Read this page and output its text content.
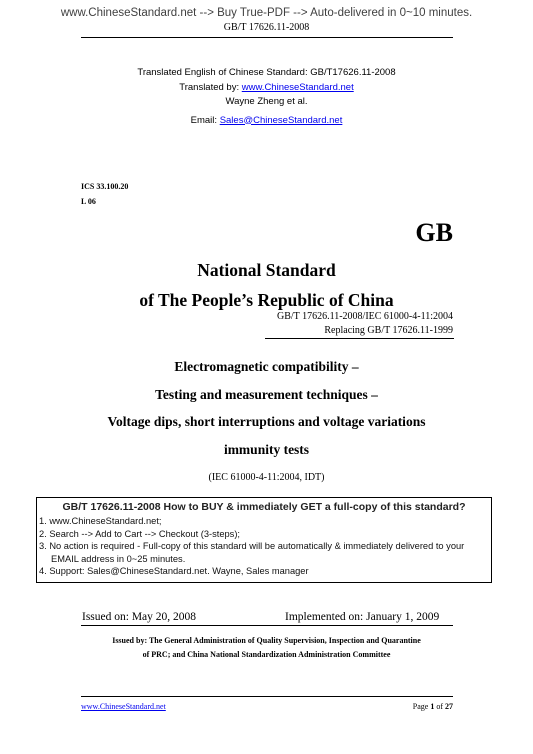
www.ChineseStandard.net --> Buy True-PDF --> Auto-delivered in 0~10 minutes.
GB/T 17626.11-2008
Translated English of Chinese Standard: GB/T17626.11-2008
Translated by: www.ChineseStandard.net
Wayne Zheng et al.
Email: Sales@ChineseStandard.net
ICS 33.100.20
L 06
GB
National Standard
of The People’s Republic of China
GB/T 17626.11-2008/IEC 61000-4-11:2004
Replacing GB/T 17626.11-1999
Electromagnetic compatibility –
Testing and measurement techniques –
Voltage dips, short interruptions and voltage variations
immunity tests
(IEC 61000-4-11:2004, IDT)
GB/T 17626.11-2008 How to BUY & immediately GET a full-copy of this standard?
1. www.ChineseStandard.net;
2. Search --> Add to Cart --> Checkout (3-steps);
3. No action is required - Full-copy of this standard will be automatically & immediately delivered to your EMAIL address in 0~25 minutes.
4. Support: Sales@ChineseStandard.net. Wayne, Sales manager
Issued on: May 20, 2008	Implemented on: January 1, 2009
Issued by: The General Administration of Quality Supervision, Inspection and Quarantine
of PRC; and China National Standardization Administration Committee
www.ChineseStandard.net	Page 1 of 27
